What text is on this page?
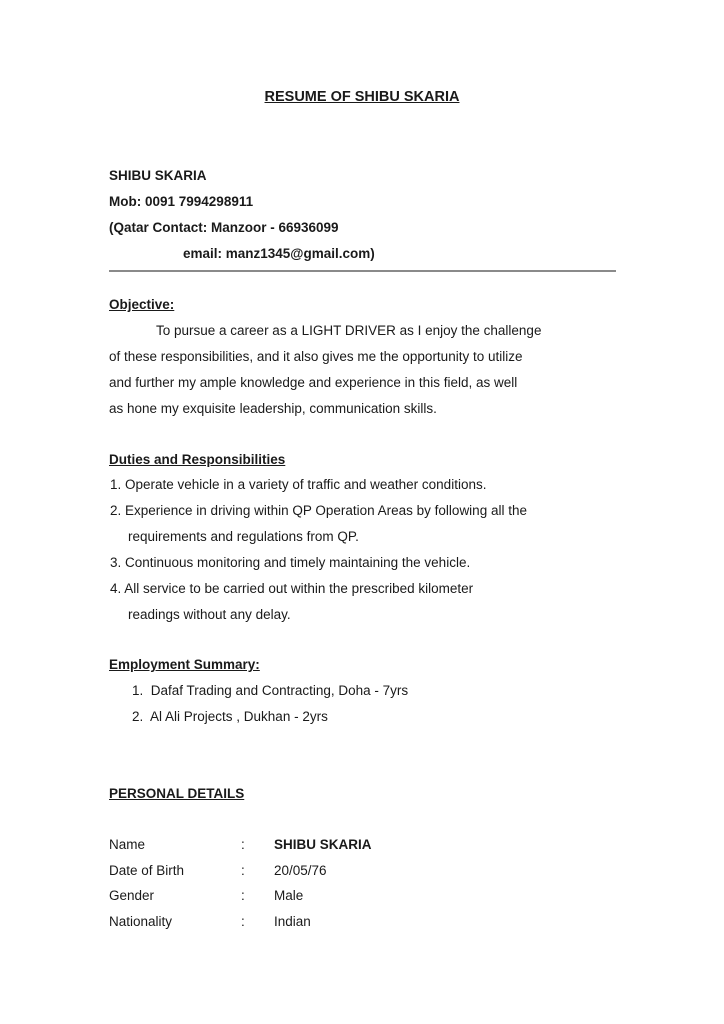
RESUME OF SHIBU SKARIA
SHIBU SKARIA
Mob: 0091 7994298911
(Qatar Contact: Manzoor - 66936099
email: manz1345@gmail.com)
Objective:
To pursue a career as a LIGHT DRIVER as I enjoy the challenge
of these responsibilities, and it also gives me the opportunity to utilize
and further my ample knowledge and experience in this field, as well
as hone my exquisite leadership, communication skills.
Duties and Responsibilities
1. Operate vehicle in a variety of traffic and weather conditions.
2. Experience in driving within QP Operation Areas by following all the
requirements and regulations from QP.
3. Continuous monitoring and timely maintaining the vehicle.
4. All service to be carried out within the prescribed kilometer
readings without any delay.
Employment Summary:
1.  Dafaf Trading and Contracting, Doha - 7yrs
2.  Al Ali Projects , Dukhan - 2yrs
PERSONAL DETAILS
Name	: SHIBU SKARIA
Date of Birth	: 20/05/76
Gender	: Male
Nationality	: Indian
